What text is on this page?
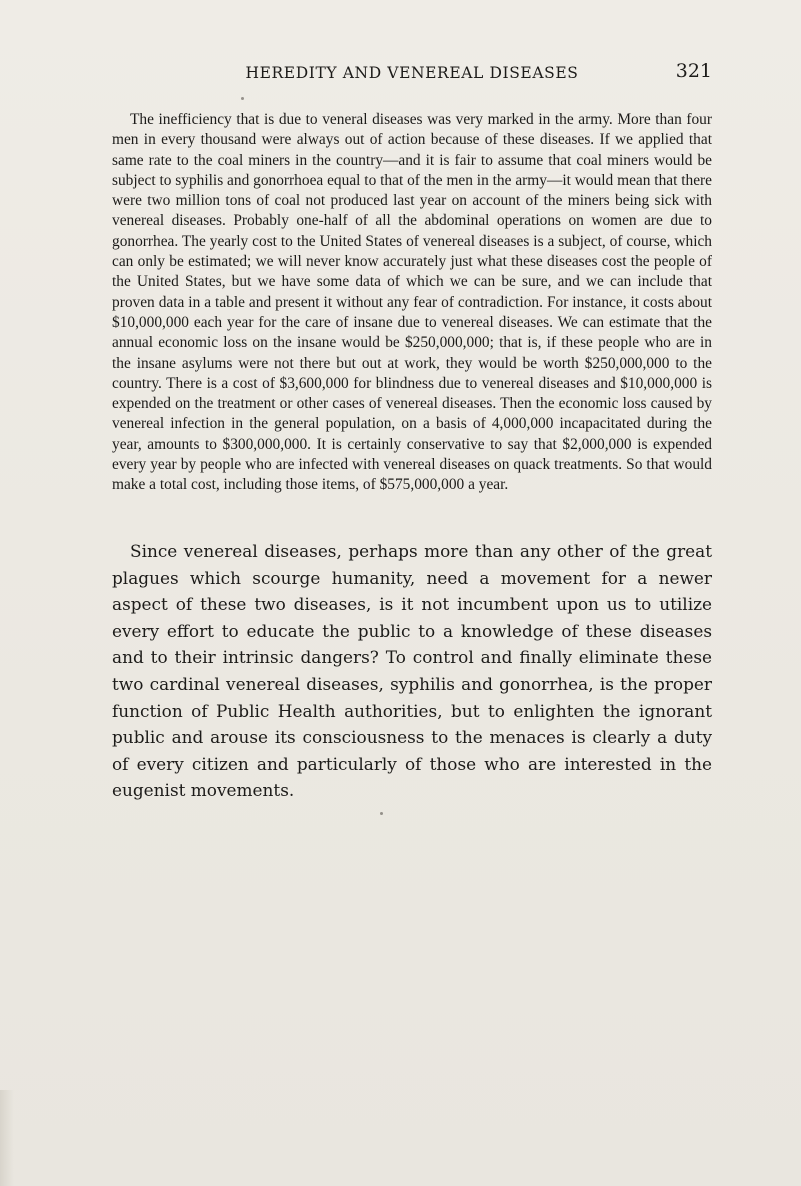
HEREDITY AND VENEREAL DISEASES	321

The inefficiency that is due to veneral diseases was very marked in the army. More than four men in every thousand were always out of action because of these diseases. If we applied that same rate to the coal miners in the country—and it is fair to assume that coal miners would be subject to syphilis and gonorrhoea equal to that of the men in the army—it would mean that there were two million tons of coal not produced last year on account of the miners being sick with venereal diseases. Probably one-half of all the abdominal operations on women are due to gonorrhea. The yearly cost to the United States of venereal diseases is a subject, of course, which can only be estimated; we will never know accurately just what these diseases cost the people of the United States, but we have some data of which we can be sure, and we can include that proven data in a table and present it without any fear of contradiction. For instance, it costs about $10,000,000 each year for the care of insane due to venereal diseases. We can estimate that the annual economic loss on the insane would be $250,000,000; that is, if these people who are in the insane asylums were not there but out at work, they would be worth $250,000,000 to the country. There is a cost of $3,600,000 for blindness due to venereal diseases and $10,000,000 is expended on the treatment or other cases of venereal diseases. Then the economic loss caused by venereal infection in the general population, on a basis of 4,000,000 incapacitated during the year, amounts to $300,000,000. It is certainly conservative to say that $2,000,000 is expended every year by people who are infected with venereal diseases on quack treatments. So that would make a total cost, including those items, of $575,000,000 a year.

Since venereal diseases, perhaps more than any other of the great plagues which scourge humanity, need a movement for a newer aspect of these two diseases, is it not incumbent upon us to utilize every effort to educate the public to a knowledge of these diseases and to their intrinsic dangers? To control and finally eliminate these two cardinal venereal diseases, syphilis and gonorrhea, is the proper function of Public Health authorities, but to enlighten the ignorant public and arouse its consciousness to the menaces is clearly a duty of every citizen and particularly of those who are interested in the eugenist movements.
